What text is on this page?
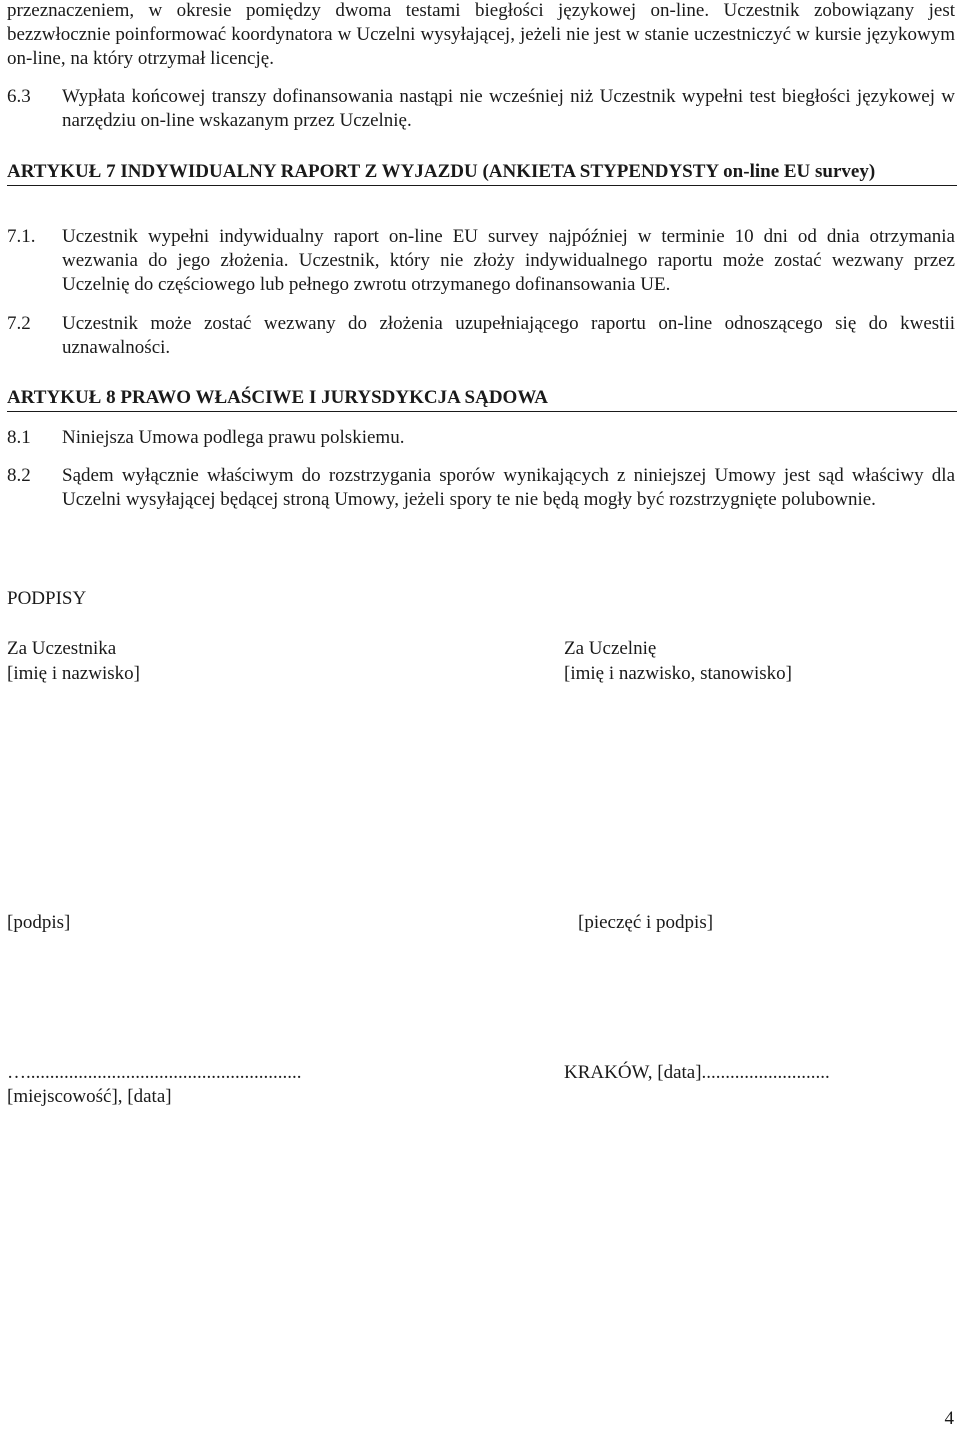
przeznaczeniem, w okresie pomiędzy dwoma testami biegłości językowej on-line. Uczestnik zobowiązany jest bezzwłocznie poinformować koordynatora w Uczelni wysyłającej, jeżeli nie jest w stanie uczestniczyć w kursie językowym on-line, na który otrzymał licencję.

6.3	Wypłata końcowej transzy dofinansowania nastąpi nie wcześniej niż Uczestnik wypełni test biegłości językowej w narzędziu on-line wskazanym przez Uczelnię.

ARTYKUŁ 7 INDYWIDUALNY RAPORT Z WYJAZDU (ANKIETA STYPENDYSTY on-line EU survey)

7.1.	Uczestnik wypełni indywidualny raport on-line EU survey najpóźniej w terminie 10 dni od dnia otrzymania wezwania do jego złożenia. Uczestnik, który nie złoży indywidualnego raportu może zostać wezwany przez Uczelnię do częściowego lub pełnego zwrotu otrzymanego dofinansowania UE.
7.2	Uczestnik może zostać wezwany do złożenia uzupełniającego raportu on-line odnoszącego się do kwestii uznawalności.

ARTYKUŁ 8 PRAWO WŁAŚCIWE I JURYSDYKCJA SĄDOWA

8.1	Niniejsza Umowa podlega prawu polskiemu.
8.2	Sądem wyłącznie właściwym do rozstrzygania sporów wynikających z niniejszej Umowy jest sąd właściwy dla Uczelni wysyłającej będącej stroną Umowy, jeżeli spory te nie będą mogły być rozstrzygnięte polubownie.

PODPISY

Za Uczestnika

[imię i nazwisko]

Za Uczelnię

[imię i nazwisko, stanowisko]

[podpis]	[pieczęć i podpis]

…..........................................................

[miejscowość], [data]

KRAKÓW, [data]...........................

4
